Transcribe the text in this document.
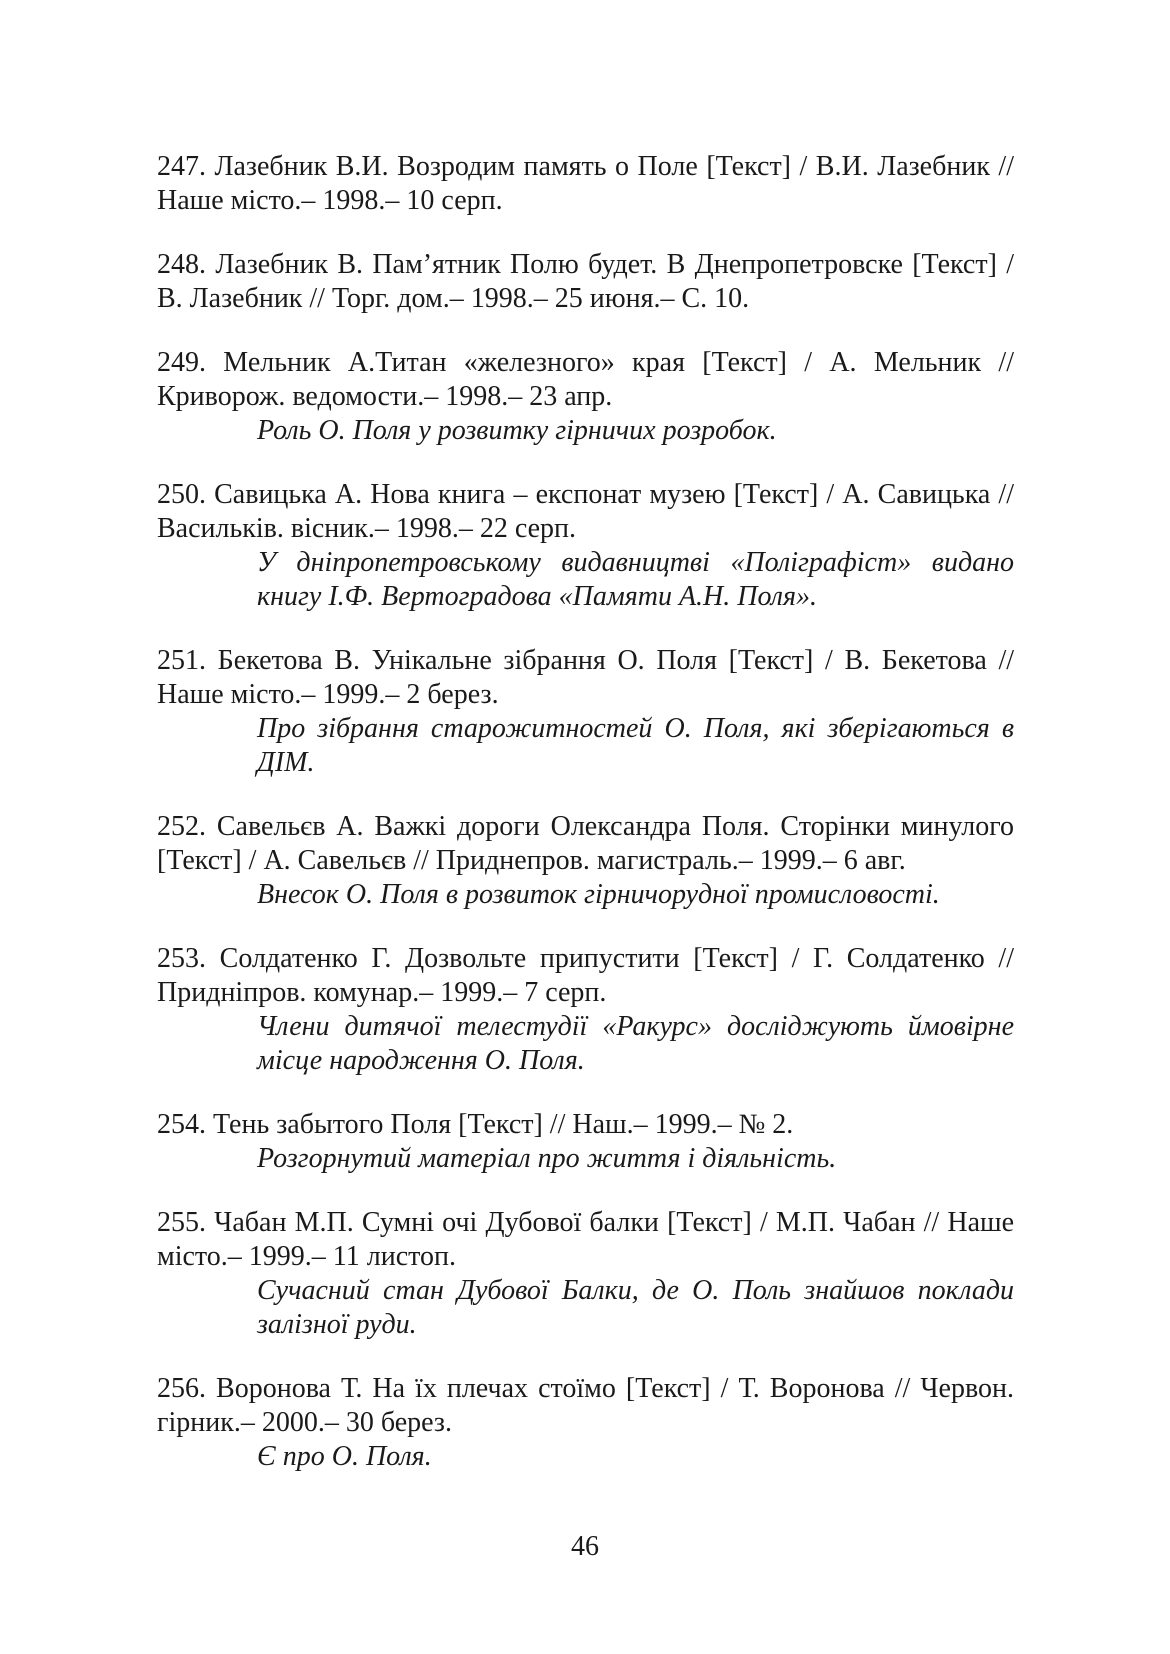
247. Лазебник В.И. Возродим память о Поле [Текст] / В.И. Лазебник // Наше місто.– 1998.– 10 серп.

248. Лазебник В. Пам’ятник Полю будет. В Днепропетровске [Текст] / В. Лазебник // Торг. дом.– 1998.– 25 июня.– С. 10.

249. Мельник А.Титан «железного» края [Текст] / А. Мельник // Криворож. ведомости.– 1998.– 23 апр.

Роль О. Поля у розвитку гірничих розробок.

250. Савицька А. Нова книга – експонат музею [Текст] / А. Савицька // Васильків. вісник.– 1998.– 22 серп.

У дніпропетровському видавництві «Поліграфіст» видано книгу І.Ф. Вертоградова «Памяти А.Н. Поля».

251. Бекетова В. Унікальне зібрання О. Поля [Текст] / В. Бекетова // Наше місто.– 1999.– 2 берез.

Про зібрання старожитностей О. Поля, які зберігаються в ДІМ.

252. Савельєв А. Важкі дороги Олександра Поля. Сторінки минулого [Текст] / А. Савельєв // Приднепров. магистраль.– 1999.– 6 авг.

Внесок О. Поля в розвиток гірничорудної промисловості.

253. Солдатенко Г. Дозвольте припустити [Текст] / Г. Солдатенко // Придніпров. комунар.– 1999.– 7 серп.

Члени дитячої телестудії «Ракурс» досліджують ймовірне місце народження О. Поля.

254. Тень забытого Поля [Текст] // Наш.– 1999.– № 2.

Розгорнутий матеріал про життя і діяльність.

255. Чабан М.П. Сумні очі Дубової балки [Текст] / М.П. Чабан // Наше місто.– 1999.– 11 листоп.

Сучасний стан Дубової Балки, де О. Поль знайшов поклади залізної руди.

256. Воронова Т. На їх плечах стоїмо [Текст] / Т. Воронова // Червон. гірник.– 2000.– 30 берез.

Є про О. Поля.

46
